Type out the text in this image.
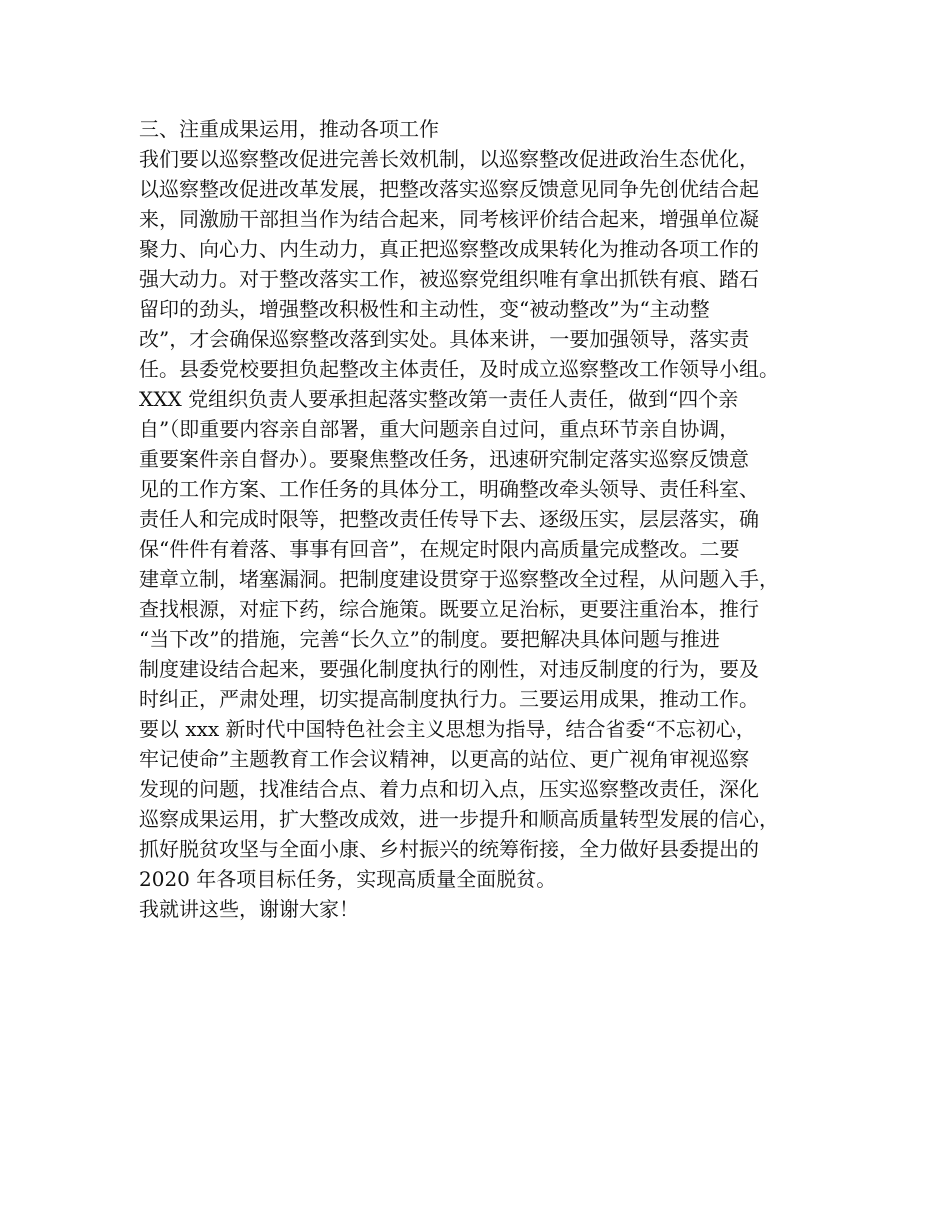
三、注重成果运用，推动各项工作
我们要以巡察整改促进完善长效机制，以巡察整改促进政治生态优化，
以巡察整改促进改革发展，把整改落实巡察反馈意见同争先创优结合起
来，同激励干部担当作为结合起来，同考核评价结合起来，增强单位凝
聚力、向心力、内生动力，真正把巡察整改成果转化为推动各项工作的
强大动力。对于整改落实工作，被巡察党组织唯有拿出抓铁有痕、踏石
留印的劲头，增强整改积极性和主动性，变“被动整改”为“主动整
改”，才会确保巡察整改落到实处。具体来讲，一要加强领导，落实责
任。县委党校要担负起整改主体责任，及时成立巡察整改工作领导小组。
XXX 党组织负责人要承担起落实整改第一责任人责任，做到“四个亲
自”（即重要内容亲自部署，重大问题亲自过问，重点环节亲自协调，
重要案件亲自督办）。要聚焦整改任务，迅速研究制定落实巡察反馈意
见的工作方案、工作任务的具体分工，明确整改牵头领导、责任科室、
责任人和完成时限等，把整改责任传导下去、逐级压实，层层落实，确
保“件件有着落、事事有回音”，在规定时限内高质量完成整改。二要
建章立制，堵塞漏洞。把制度建设贯穿于巡察整改全过程，从问题入手，
查找根源，对症下药，综合施策。既要立足治标，更要注重治本，推行
“当下改”的措施，完善“长久立”的制度。要把解决具体问题与推进
制度建设结合起来，要强化制度执行的刚性，对违反制度的行为，要及
时纠正，严肃处理，切实提高制度执行力。三要运用成果，推动工作。
要以 xxx 新时代中国特色社会主义思想为指导，结合省委“不忘初心，
牢记使命”主题教育工作会议精神，以更高的站位、更广视角审视巡察
发现的问题，找准结合点、着力点和切入点，压实巡察整改责任，深化
巡察成果运用，扩大整改成效，进一步提升和顺高质量转型发展的信心，
抓好脱贫攻坚与全面小康、乡村振兴的统筹衔接，全力做好县委提出的
2020 年各项目标任务，实现高质量全面脱贫。
我就讲这些，谢谢大家！
